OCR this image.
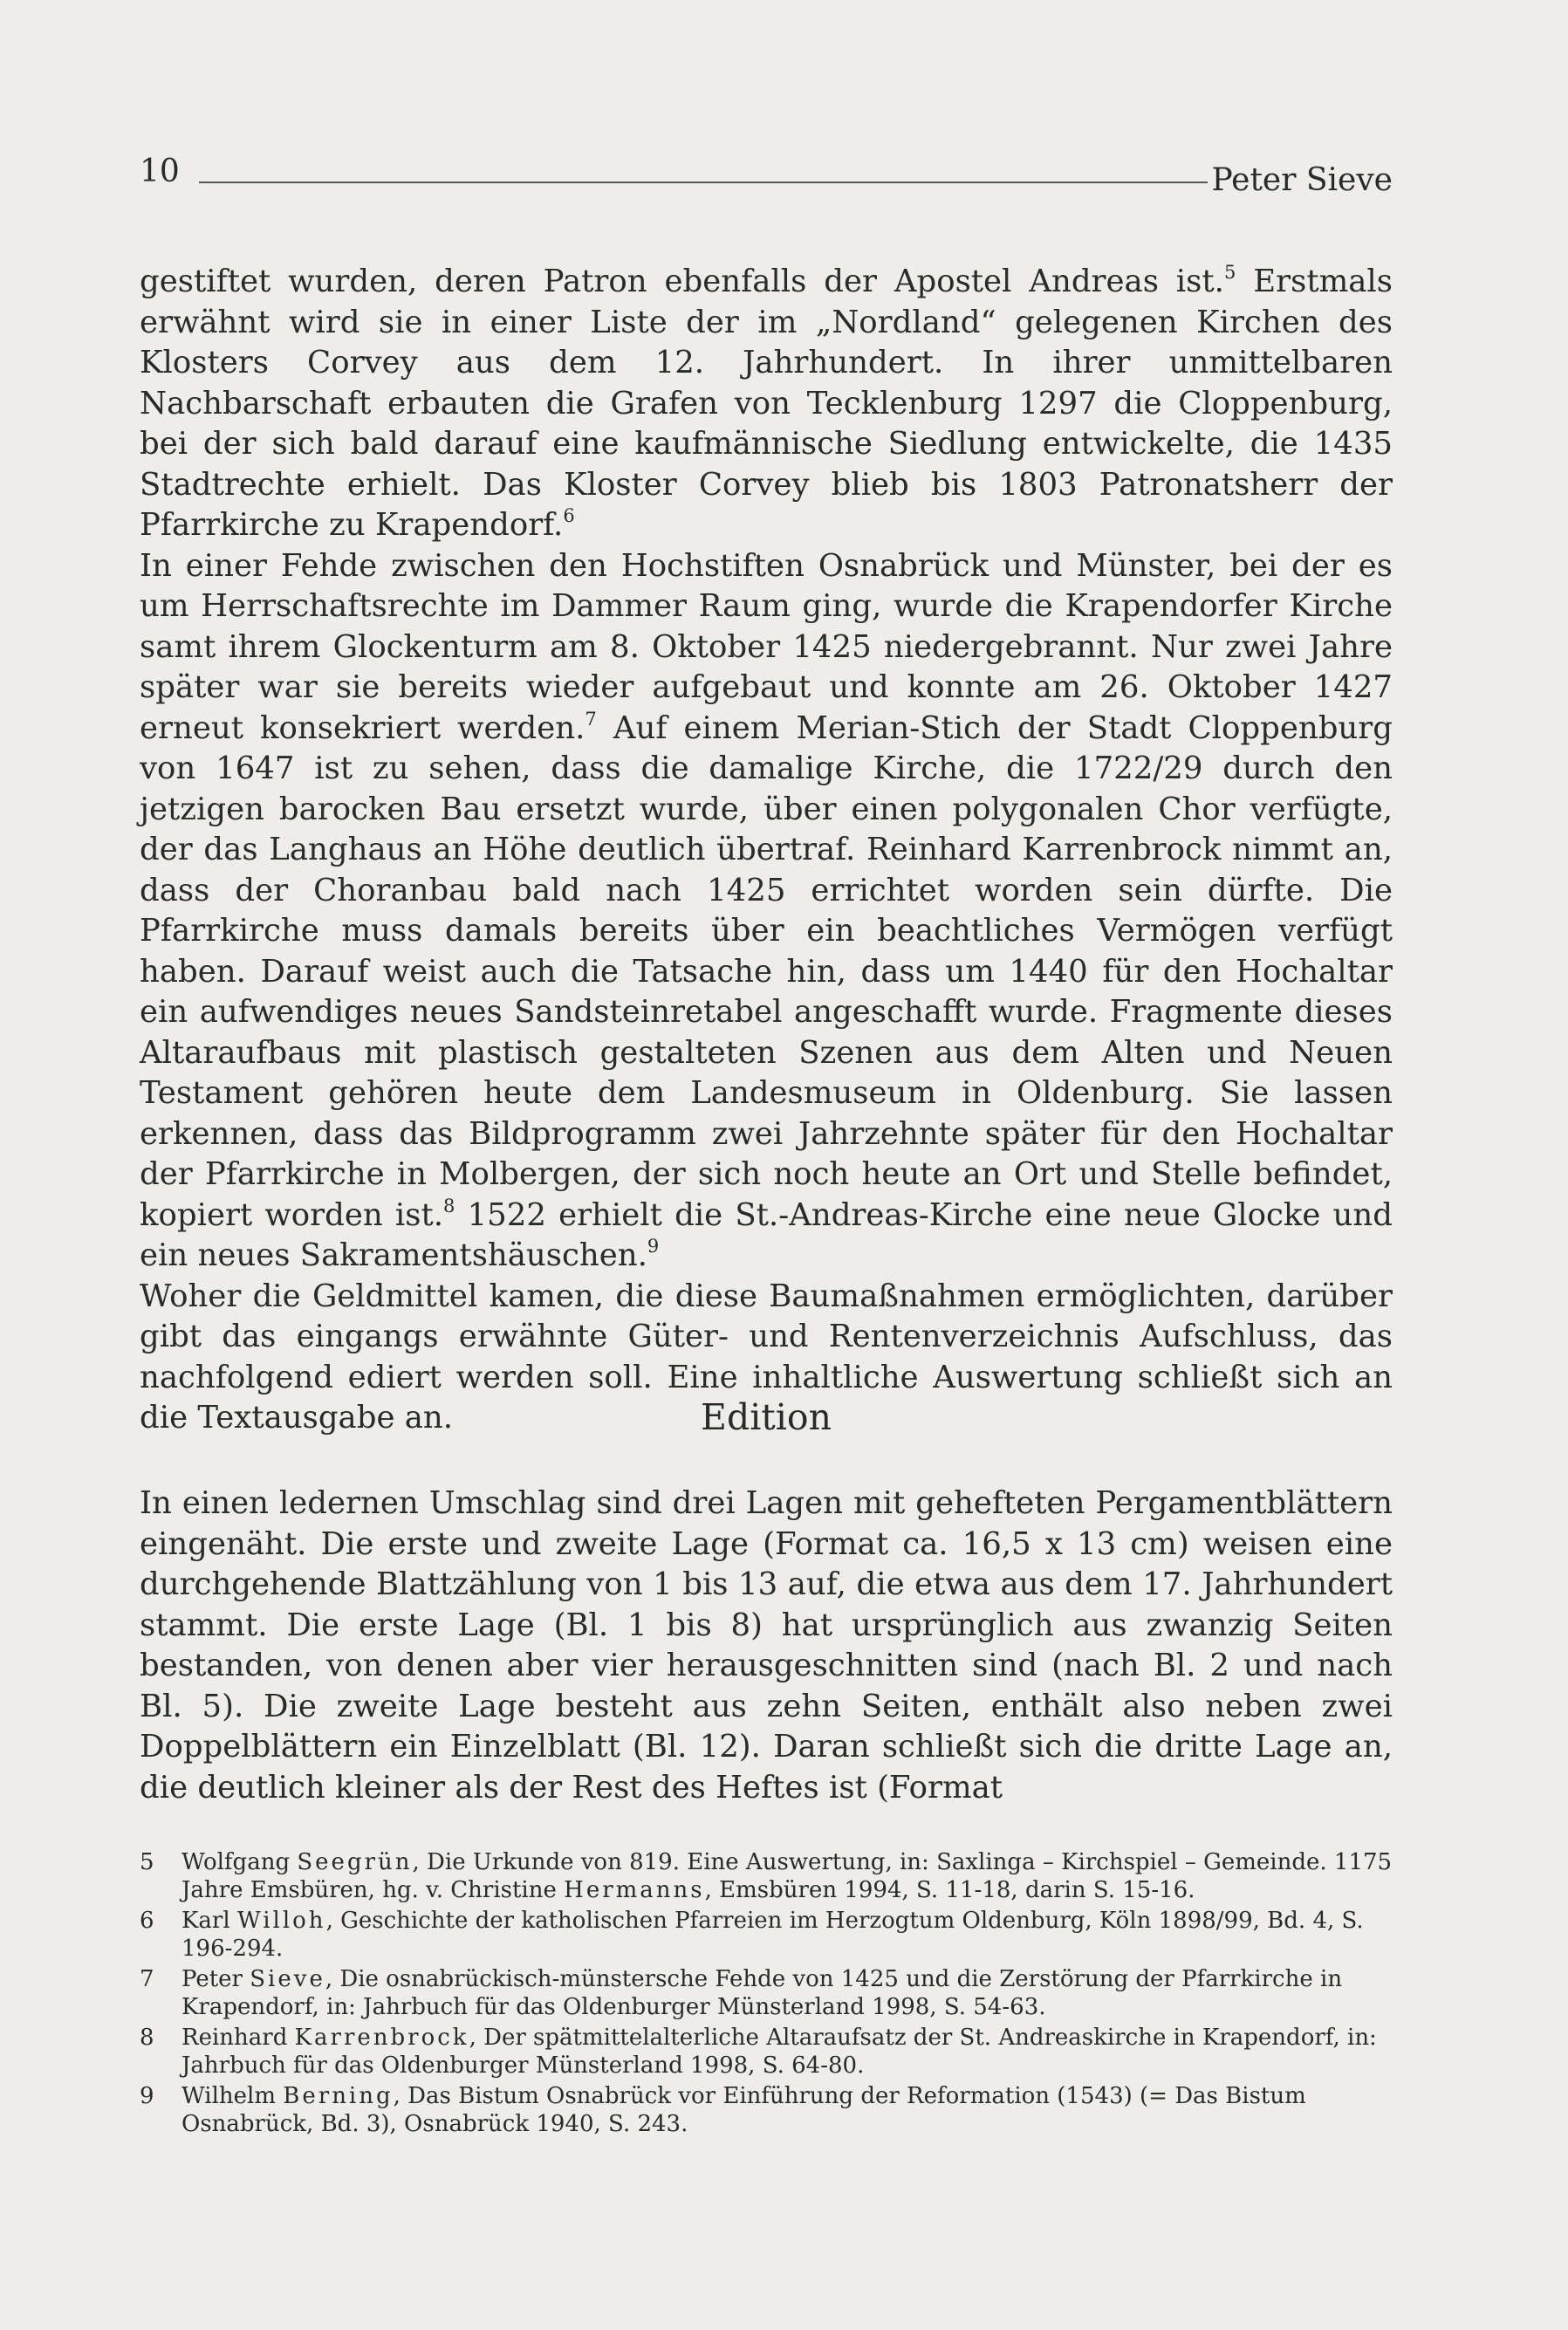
10	Peter Sieve

gestiftet wurden, deren Patron ebenfalls der Apostel Andreas ist.$^5$ Erstmals erwähnt wird sie in einer Liste der im „Nordland“ gelegenen Kirchen des Klosters Corvey aus dem 12. Jahrhundert. In ihrer unmittelbaren Nachbarschaft erbauten die Grafen von Tecklenburg 1297 die Cloppenburg, bei der sich bald darauf eine kaufmännische Siedlung entwickelte, die 1435 Stadtrechte erhielt. Das Kloster Corvey blieb bis 1803 Patronatsherr der Pfarrkirche zu Krapendorf.$^6$

In einer Fehde zwischen den Hochstiften Osnabrück und Münster, bei der es um Herrschaftsrechte im Dammer Raum ging, wurde die Krapendorfer Kirche samt ihrem Glockenturm am 8. Oktober 1425 niedergebrannt. Nur zwei Jahre später war sie bereits wieder aufgebaut und konnte am 26. Oktober 1427 erneut konsekriert werden.$^7$ Auf einem Merian-Stich der Stadt Cloppenburg von 1647 ist zu sehen, dass die damalige Kirche, die 1722/29 durch den jetzigen barocken Bau ersetzt wurde, über einen polygonalen Chor verfügte, der das Langhaus an Höhe deutlich übertraf. Reinhard Karrenbrock nimmt an, dass der Choranbau bald nach 1425 errichtet worden sein dürfte. Die Pfarrkirche muss damals bereits über ein beachtliches Vermögen verfügt haben. Darauf weist auch die Tatsache hin, dass um 1440 für den Hochaltar ein aufwendiges neues Sandsteinretabel angeschafft wurde. Fragmente dieses Altaraufbaus mit plastisch gestalteten Szenen aus dem Alten und Neuen Testament gehören heute dem Landesmuseum in Oldenburg. Sie lassen erkennen, dass das Bildprogramm zwei Jahrzehnte später für den Hochaltar der Pfarrkirche in Molbergen, der sich noch heute an Ort und Stelle befindet, kopiert worden ist.$^8$ 1522 erhielt die St.-Andreas-Kirche eine neue Glocke und ein neues Sakramentshäuschen.$^9$

Woher die Geldmittel kamen, die diese Baumaßnahmen ermöglichten, darüber gibt das eingangs erwähnte Güter- und Rentenverzeichnis Aufschluss, das nachfolgend ediert werden soll. Eine inhaltliche Auswertung schließt sich an die Textausgabe an.	Edition

In einen ledernen Umschlag sind drei Lagen mit gehefteten Pergamentblättern eingenäht. Die erste und zweite Lage (Format ca. 16,5 x 13 cm) weisen eine durchgehende Blattzählung von 1 bis 13 auf, die etwa aus dem 17. Jahrhundert stammt. Die erste Lage (Bl. 1 bis 8) hat ursprünglich aus zwanzig Seiten bestanden, von denen aber vier herausgeschnitten sind (nach Bl. 2 und nach Bl. 5). Die zweite Lage besteht aus zehn Seiten, enthält also neben zwei Doppelblättern ein Einzelblatt (Bl. 12). Daran schließt sich die dritte Lage an, die deutlich kleiner als der Rest des Heftes ist (Format

5	Wolfgang Seegrün, Die Urkunde von 819. Eine Auswertung, in: Saxlinga – Kirchspiel – Gemeinde. 1175 Jahre Emsbüren, hg. v. Christine Hermanns, Emsbüren 1994, S. 11-18, darin S. 15-16.
6	Karl Willoh, Geschichte der katholischen Pfarreien im Herzogtum Oldenburg, Köln 1898/99, Bd. 4, S. 196-294.
7	Peter Sieve, Die osnabrückisch-münstersche Fehde von 1425 und die Zerstörung der Pfarrkirche in Krapendorf, in: Jahrbuch für das Oldenburger Münsterland 1998, S. 54-63.
8	Reinhard Karrenbrock, Der spätmittelalterliche Altaraufsatz der St. Andreaskirche in Krapendorf, in: Jahrbuch für das Oldenburger Münsterland 1998, S. 64-80.
9	Wilhelm Berning, Das Bistum Osnabrück vor Einführung der Reformation (1543) (= Das Bistum Osnabrück, Bd. 3), Osnabrück 1940, S. 243.
